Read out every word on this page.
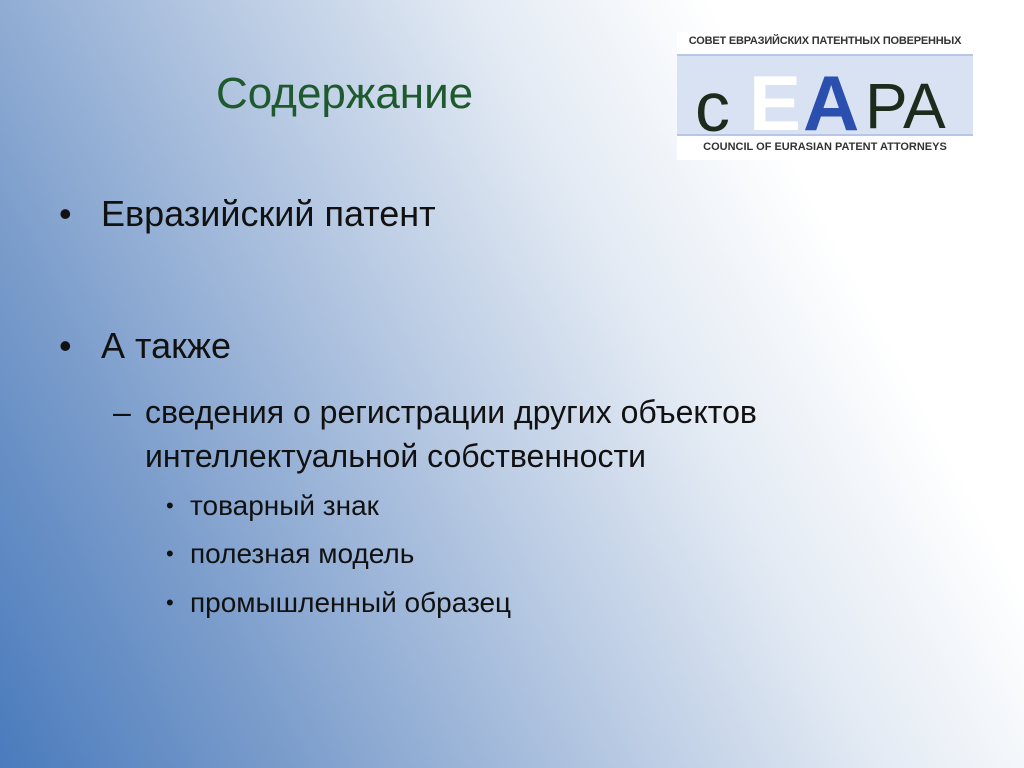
Содержание
СОВЕТ ЕВРАЗИЙСКИХ ПАТЕНТНЫХ ПОВЕРЕННЫХ
c E A PA
COUNCIL OF EURASIAN PATENT ATTORNEYS
• Евразийский патент
• А также
– сведения о регистрации других объектов интеллектуальной собственности
• товарный знак
• полезная модель
• промышленный образец
